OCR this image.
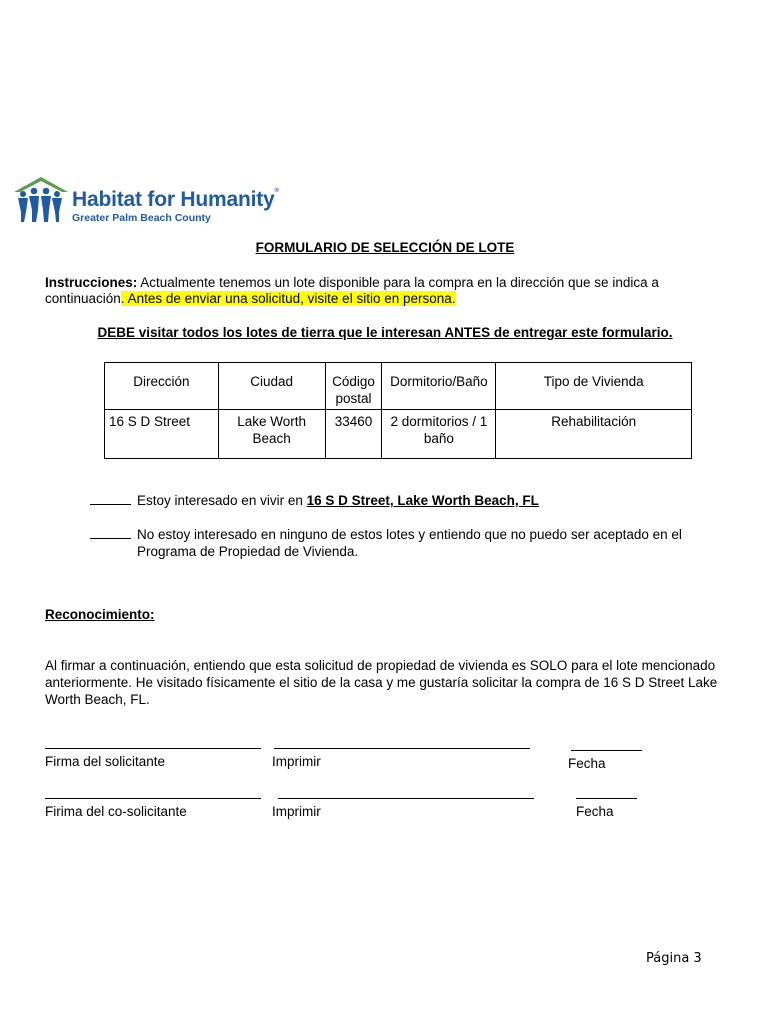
Habitat for Humanity®
Greater Palm Beach County
FORMULARIO DE SELECCIÓN DE LOTE
Instrucciones: Actualmente tenemos un lote disponible para la compra en la dirección que se indica a continuación. Antes de enviar una solicitud, visite el sitio en persona.
DEBE visitar todos los lotes de tierra que le interesan ANTES de entregar este formulario.
Dirección	Ciudad	Código postal	Dormitorio/Baño	Tipo de Vivienda
16 S D Street	Lake Worth Beach	33460	2 dormitorios / 1 baño	Rehabilitación
Estoy interesado en vivir en 16 S D Street, Lake Worth Beach, FL
No estoy interesado en ninguno de estos lotes y entiendo que no puedo ser aceptado en el Programa de Propiedad de Vivienda.
Reconocimiento:
Al firmar a continuación, entiendo que esta solicitud de propiedad de vivienda es SOLO para el lote mencionado anteriormente. He visitado físicamente el sitio de la casa y me gustaría solicitar la compra de 16 S D Street Lake Worth Beach, FL.
Firma del solicitante	Imprimir	Fecha
Firima del co-solicitante	Imprimir	Fecha
Página 3
